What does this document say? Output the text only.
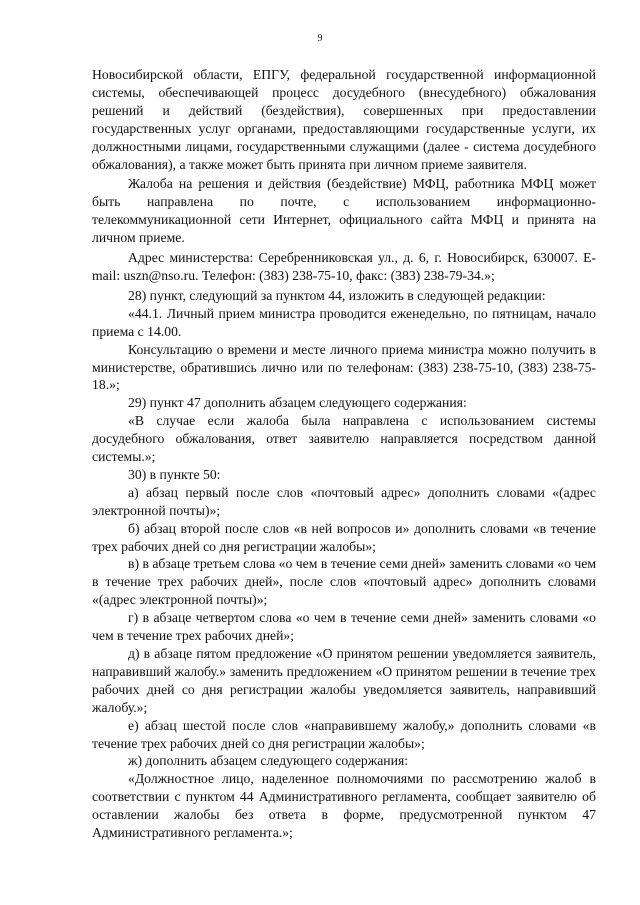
9

Новосибирской области, ЕПГУ, федеральной государственной информационной системы, обеспечивающей процесс досудебного (внесудебного) обжалования решений и действий (бездействия), совершенных при предоставлении государственных услуг органами, предоставляющими государственные услуги, их должностными лицами, государственными служащими (далее - система досудебного обжалования), а также может быть принята при личном приеме заявителя.

Жалоба на решения и действия (бездействие) МФЦ, работника МФЦ может быть направлена по почте, с использованием информационно-телекоммуникационной сети Интернет, официального сайта МФЦ и принята на личном приеме.

Адрес министерства: Серебренниковская ул., д. 6, г. Новосибирск, 630007. E-mail: uszn@nso.ru. Телефон: (383) 238-75-10, факс: (383) 238-79-34.»;

28) пункт, следующий за пунктом 44, изложить в следующей редакции:

«44.1. Личный прием министра проводится еженедельно, по пятницам, начало приема с 14.00.

Консультацию о времени и месте личного приема министра можно получить в министерстве, обратившись лично или по телефонам: (383) 238-75-10, (383) 238-75-18.»;

29) пункт 47 дополнить абзацем следующего содержания:

«В случае если жалоба была направлена с использованием системы досудебного обжалования, ответ заявителю направляется посредством данной системы.»;

30) в пункте 50:

а) абзац первый после слов «почтовый адрес» дополнить словами «(адрес электронной почты)»;

б) абзац второй после слов «в ней вопросов и» дополнить словами «в течение трех рабочих дней со дня регистрации жалобы»;

в) в абзаце третьем слова «о чем в течение семи дней» заменить словами «о чем в течение трех рабочих дней», после слов «почтовый адрес» дополнить словами «(адрес электронной почты)»;

г) в абзаце четвертом слова «о чем в течение семи дней» заменить словами «о чем в течение трех рабочих дней»;

д) в абзаце пятом предложение «О принятом решении уведомляется заявитель, направивший жалобу.» заменить предложением «О принятом решении в течение трех рабочих дней со дня регистрации жалобы уведомляется заявитель, направивший жалобу.»;

е) абзац шестой после слов «направившему жалобу,» дополнить словами «в течение трех рабочих дней со дня регистрации жалобы»;

ж) дополнить абзацем следующего содержания:

«Должностное лицо, наделенное полномочиями по рассмотрению жалоб в соответствии с пунктом 44 Административного регламента, сообщает заявителю об оставлении жалобы без ответа в форме, предусмотренной пунктом 47 Административного регламента.»;
